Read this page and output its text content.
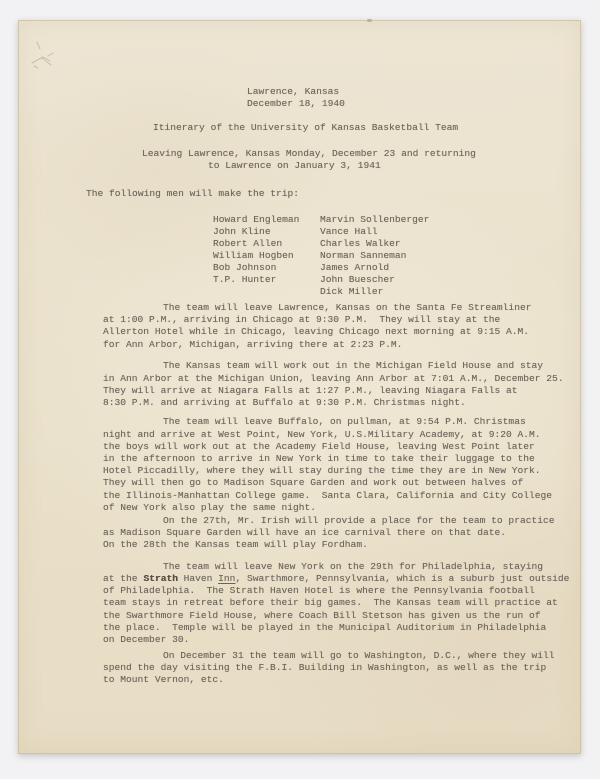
Lawrence, Kansas
December 18, 1940
Itinerary of the University of Kansas Basketball Team
Leaving Lawrence, Kansas Monday, December 23 and returning
to Lawrence on January 3, 1941
The following men will make the trip:
Howard Engleman
John Kline
Robert Allen
William Hogben
Bob Johnson
T.P. Hunter
Marvin Sollenberger
Vance Hall
Charles Walker
Norman Sanneman
James Arnold
John Buescher
Dick Miller
The team will leave Lawrence, Kansas on the Santa Fe Streamliner
at 1:00 P.M., arriving in Chicago at 9:30 P.M.  They will stay at the
Allerton Hotel while in Chicago, leaving Chicago next morning at 9:15 A.M.
for Ann Arbor, Michigan, arriving there at 2:23 P.M.
The Kansas team will work out in the Michigan Field House and stay
in Ann Arbor at the Michigan Union, leaving Ann Arbor at 7:01 A.M., December 25.
They will arrive at Niagara Falls at 1:27 P.M., leaving Niagara Falls at
8:30 P.M. and arriving at Buffalo at 9:30 P.M. Christmas night.
The team will leave Buffalo, on pullman, at 9:54 P.M. Christmas
night and arrive at West Point, New York, U.S.Military Academy, at 9:20 A.M.
the boys will work out at the Academy Field House, leaving West Point later
in the afternoon to arrive in New York in time to take their luggage to the
Hotel Piccadilly, where they will stay during the time they are in New York.
They will then go to Madison Square Garden and work out between halves of
the Illinois-Manhattan College game.  Santa Clara, California and City College
of New York also play the same night.
On the 27th, Mr. Irish will provide a place for the team to practice
as Madison Square Garden will have an ice carnival there on that date.
On the 28th the Kansas team will play Fordham.
The team will leave New York on the 29th for Philadelphia, staying
at the Strath Haven Inn, Swarthmore, Pennsylvania, which is a suburb just outside
of Philadelphia.  The Strath Haven Hotel is where the Pennsylvania football
team stays in retreat before their big games.  The Kansas team will practice at
the Swarthmore Field House, where Coach Bill Stetson has given us the run of
the place.  Temple will be played in the Municipal Auditorium in Philadelphia
on December 30.
On December 31 the team will go to Washington, D.C., where they will
spend the day visiting the F.B.I. Building in Washington, as well as the trip
to Mount Vernon, etc.
